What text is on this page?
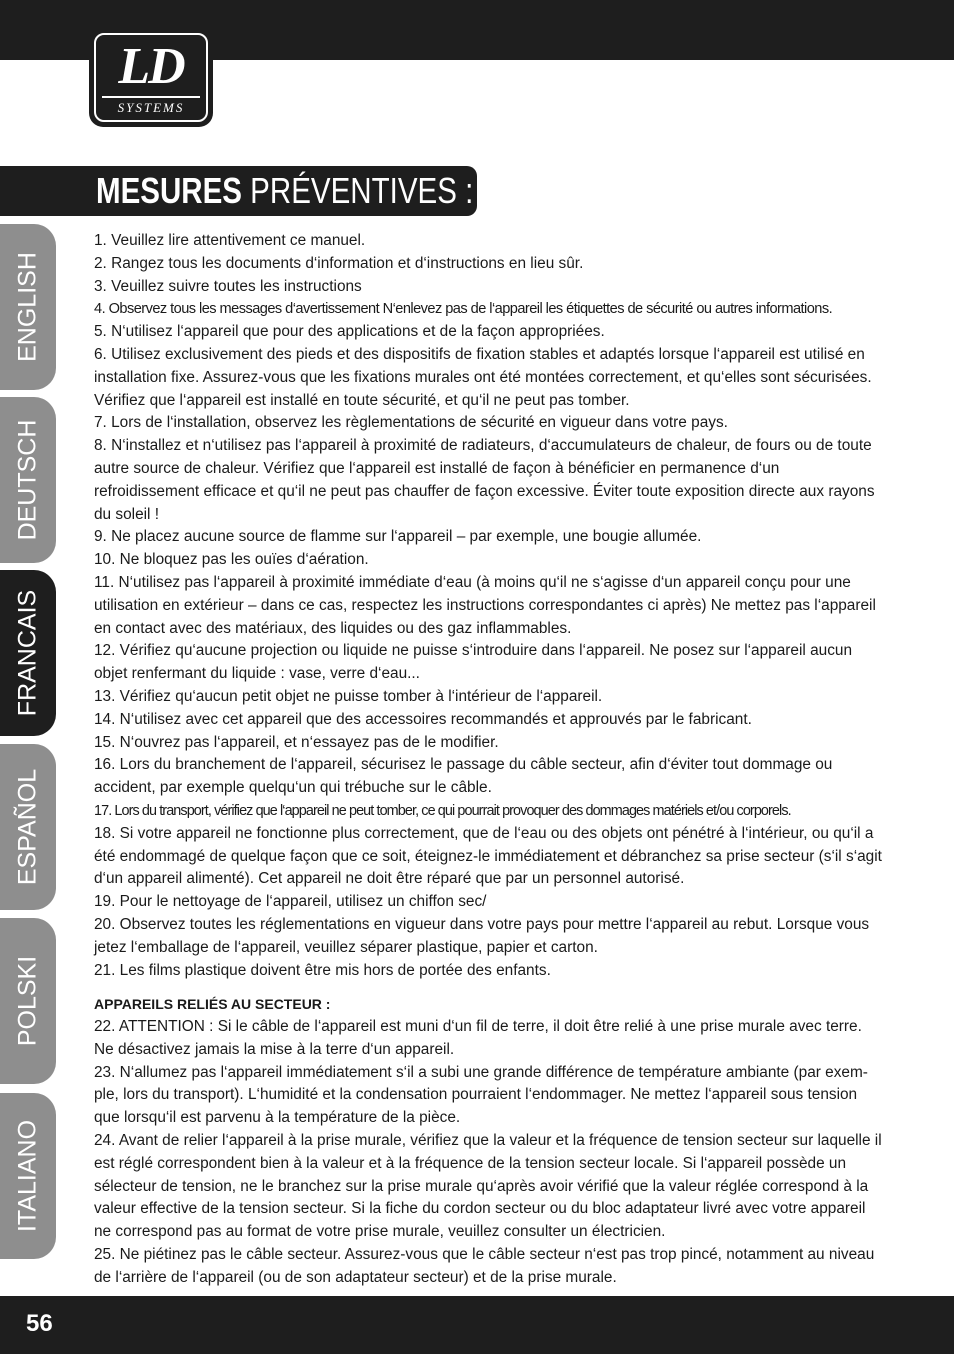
LD
SYSTEMS
MESURES PRÉVENTIVES :
ENGLISH
DEUTSCH
FRANCAIS
ESPAÑOL
POLSKI
ITALIANO

1. Veuillez lire attentivement ce manuel.

2. Rangez tous les documents d‘information et d‘instructions en lieu sûr.

3. Veuillez suivre toutes les instructions

4. Observez tous les messages d‘avertissement N‘enlevez pas de l‘appareil les étiquettes de sécurité ou autres informations.

5. N‘utilisez l‘appareil que pour des applications et de la façon appropriées.

6. Utilisez exclusivement des pieds et des dispositifs de fixation stables et adaptés lorsque l‘appareil est utilisé en installation fixe. Assurez-vous que les fixations murales ont été montées correctement, et qu‘elles sont sécurisées. Vérifiez que l‘appareil est installé en toute sécurité, et qu‘il ne peut pas tomber.

7. Lors de l‘installation, observez les règlementations de sécurité en vigueur dans votre pays.

8. N‘installez et n‘utilisez pas l‘appareil à proximité de radiateurs, d‘accumulateurs de chaleur, de fours ou de toute autre source de chaleur. Vérifiez que l‘appareil est installé de façon à bénéficier en permanence d‘un refroidissement efficace et qu‘il ne peut pas chauffer de façon excessive. Éviter toute exposition directe aux rayons du soleil !

9. Ne placez aucune source de flamme sur l‘appareil – par exemple, une bougie allumée.

10. Ne bloquez pas les ouïes d‘aération.

11. N‘utilisez pas l‘appareil à proximité immédiate d‘eau (à moins qu‘il ne s‘agisse d‘un appareil conçu pour une utilisation en extérieur – dans ce cas, respectez les instructions correspondantes ci après) Ne mettez pas l‘appareil en contact avec des matériaux, des liquides ou des gaz inflammables.

12. Vérifiez qu‘aucune projection ou liquide ne puisse s‘introduire dans l‘appareil. Ne posez sur l‘appareil aucun objet renfermant du liquide : vase, verre d‘eau...

13. Vérifiez qu‘aucun petit objet ne puisse tomber à l‘intérieur de l‘appareil.

14. N‘utilisez avec cet appareil que des accessoires recommandés et approuvés par le fabricant.

15. N‘ouvrez pas l‘appareil, et n‘essayez pas de le modifier.

16. Lors du branchement de l‘appareil, sécurisez le passage du câble secteur, afin d‘éviter tout dommage ou accident, par exemple quelqu‘un qui trébuche sur le câble.

17. Lors du transport, vérifiez que l‘appareil ne peut tomber, ce qui pourrait provoquer des dommages matériels et/ou corporels.

18. Si votre appareil ne fonctionne plus correctement, que de l‘eau ou des objets ont pénétré à l‘intérieur, ou qu‘il a été endommagé de quelque façon que ce soit, éteignez-le immédiatement et débranchez sa prise secteur (s‘il s‘agit d‘un appareil alimenté). Cet appareil ne doit être réparé que par un personnel autorisé.

19. Pour le nettoyage de l‘appareil, utilisez un chiffon sec/

20. Observez toutes les réglementations en vigueur dans votre pays pour mettre l‘appareil au rebut. Lorsque vous jetez l‘emballage de l‘appareil, veuillez séparer plastique, papier et carton.

21. Les films plastique doivent être mis hors de portée des enfants.

APPAREILS RELIÉS AU SECTEUR :

22. ATTENTION : Si le câble de l‘appareil est muni d‘un fil de terre, il doit être relié à une prise murale avec terre. Ne désactivez jamais la mise à la terre d‘un appareil.

23. N‘allumez pas l‘appareil immédiatement s‘il a subi une grande différence de température ambiante (par exem-ple, lors du transport). L‘humidité et la condensation pourraient l‘endommager. Ne mettez l‘appareil sous tension que lorsqu‘il est parvenu à la température de la pièce.

24. Avant de relier l‘appareil à la prise murale, vérifiez que la valeur et la fréquence de tension secteur sur laquelle il est réglé correspondent bien à la valeur et à la fréquence de la tension secteur locale. Si l‘appareil possède un sélecteur de tension, ne le branchez sur la prise murale qu‘après avoir vérifié que la valeur réglée correspond à la valeur effective de la tension secteur. Si la fiche du cordon secteur ou du bloc adaptateur livré avec votre appareil ne correspond pas au format de votre prise murale, veuillez consulter un électricien.

25. Ne piétinez pas le câble secteur. Assurez-vous que le câble secteur n‘est pas trop pincé, notamment au niveau de l‘arrière de l‘appareil (ou de son adaptateur secteur) et de la prise murale.

56
